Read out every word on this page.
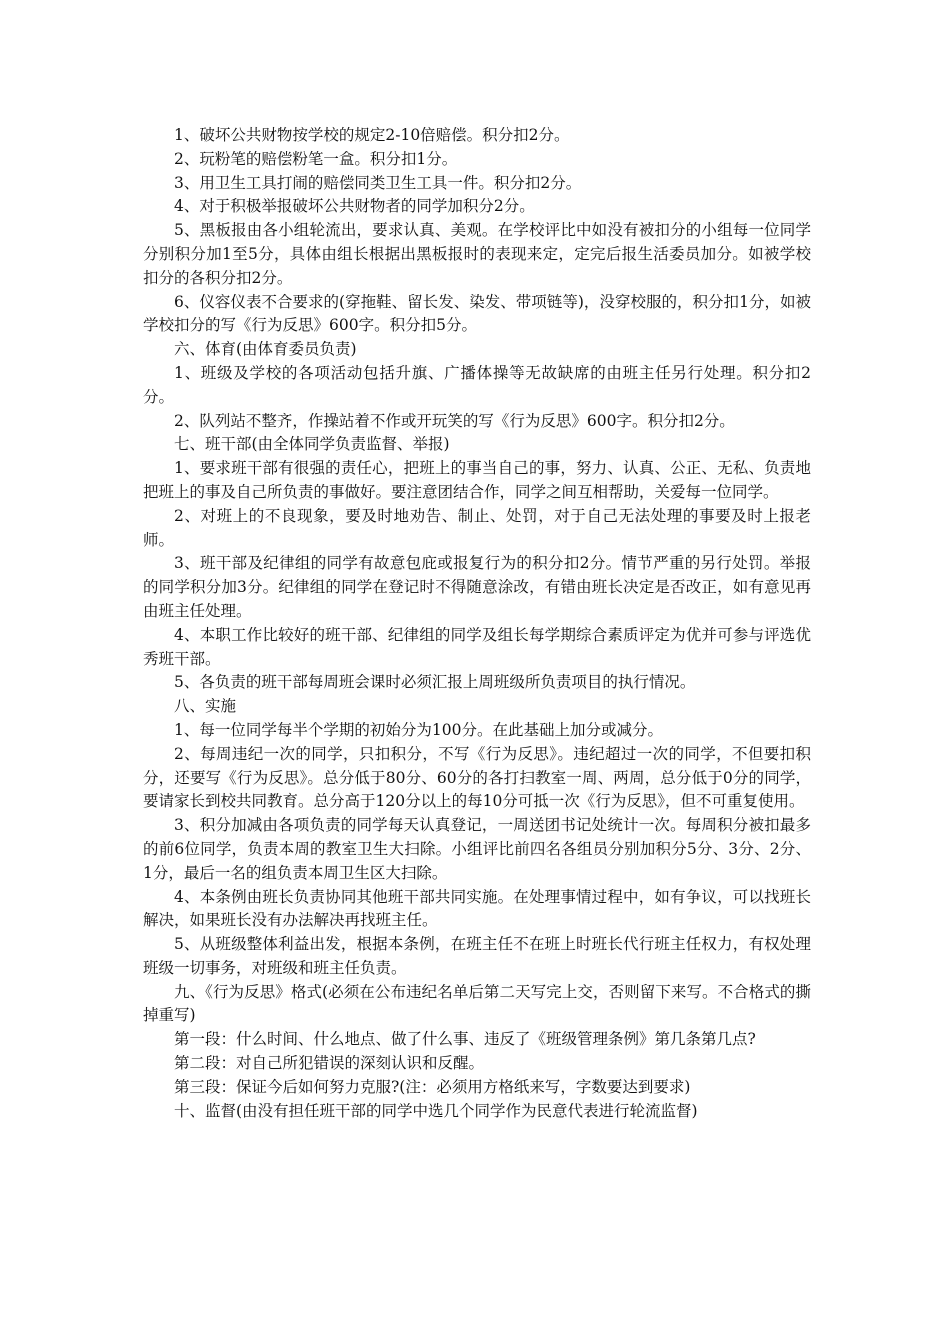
1、破坏公共财物按学校的规定2-10倍赔偿。积分扣2分。

2、玩粉笔的赔偿粉笔一盒。积分扣1分。

3、用卫生工具打闹的赔偿同类卫生工具一件。积分扣2分。

4、对于积极举报破坏公共财物者的同学加积分2分。

5、黑板报由各小组轮流出，要求认真、美观。在学校评比中如没有被扣分的小组每一位同学分别积分加1至5分，具体由组长根据出黑板报时的表现来定，定完后报生活委员加分。如被学校扣分的各积分扣2分。

6、仪容仪表不合要求的(穿拖鞋、留长发、染发、带项链等)，没穿校服的，积分扣1分，如被学校扣分的写《行为反思》600字。积分扣5分。

六、体育(由体育委员负责)

1、班级及学校的各项活动包括升旗、广播体操等无故缺席的由班主任另行处理。积分扣2分。

2、队列站不整齐，作操站着不作或开玩笑的写《行为反思》600字。积分扣2分。

七、班干部(由全体同学负责监督、举报)

1、要求班干部有很强的责任心，把班上的事当自己的事，努力、认真、公正、无私、负责地把班上的事及自己所负责的事做好。要注意团结合作，同学之间互相帮助，关爱每一位同学。

2、对班上的不良现象，要及时地劝告、制止、处罚，对于自己无法处理的事要及时上报老师。

3、班干部及纪律组的同学有故意包庇或报复行为的积分扣2分。情节严重的另行处罚。举报的同学积分加3分。纪律组的同学在登记时不得随意涂改，有错由班长决定是否改正，如有意见再由班主任处理。

4、本职工作比较好的班干部、纪律组的同学及组长每学期综合素质评定为优并可参与评选优秀班干部。

5、各负责的班干部每周班会课时必须汇报上周班级所负责项目的执行情况。

八、实施

1、每一位同学每半个学期的初始分为100分。在此基础上加分或减分。

2、每周违纪一次的同学，只扣积分，不写《行为反思》。违纪超过一次的同学，不但要扣积分，还要写《行为反思》。总分低于80分、60分的各打扫教室一周、两周，总分低于0分的同学，要请家长到校共同教育。总分高于120分以上的每10分可抵一次《行为反思》，但不可重复使用。

3、积分加减由各项负责的同学每天认真登记，一周送团书记处统计一次。每周积分被扣最多的前6位同学，负责本周的教室卫生大扫除。小组评比前四名各组员分别加积分5分、3分、2分、1分，最后一名的组负责本周卫生区大扫除。

4、本条例由班长负责协同其他班干部共同实施。在处理事情过程中，如有争议，可以找班长解决，如果班长没有办法解决再找班主任。

5、从班级整体利益出发，根据本条例，在班主任不在班上时班长代行班主任权力，有权处理班级一切事务，对班级和班主任负责。

九、《行为反思》格式(必须在公布违纪名单后第二天写完上交，否则留下来写。不合格式的撕掉重写)

第一段：什么时间、什么地点、做了什么事、违反了《班级管理条例》第几条第几点?

第二段：对自己所犯错误的深刻认识和反醒。

第三段：保证今后如何努力克服?(注：必须用方格纸来写，字数要达到要求)

十、监督(由没有担任班干部的同学中选几个同学作为民意代表进行轮流监督)
